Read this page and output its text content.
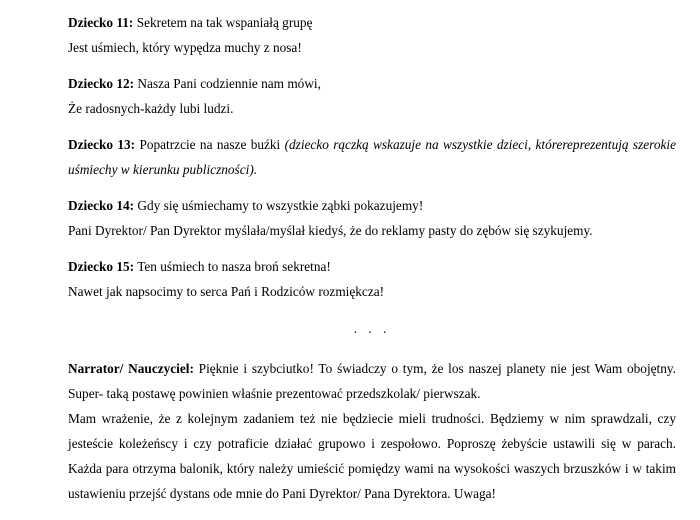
Dziecko 11: Sekretem na tak wspaniałą grupę
Jest uśmiech, który wypędza muchy z nosa!
Dziecko 12: Nasza Pani codziennie nam mówi,
Że radosnych-każdy lubi ludzi.
Dziecko 13: Popatrzcie na nasze buźki (dziecko rączką wskazuje na wszystkie dzieci, którereprezentują szerokie uśmiechy w kierunku publiczności).
Dziecko 14: Gdy się uśmiechamy to wszystkie ząbki pokazujemy!
Pani Dyrektor/ Pan Dyrektor myślała/myślał kiedyś, że do reklamy pasty do zębów się szykujemy.
Dziecko 15: Ten uśmiech to nasza broń sekretna!
Nawet jak napsocimy to serca Pań i Rodziców rozmiękcza!
. . .
Narrator/ Nauczyciel: Pięknie i szybciutko! To świadczy o tym, że los naszej planety nie jest Wam obojętny. Super- taką postawę powinien właśnie prezentować przedszkolak/ pierwszak.
Mam wrażenie, że z kolejnym zadaniem też nie będziecie mieli trudności. Będziemy w nim sprawdzali, czy jesteście koleżeńscy i czy potraficie działać grupowo i zespołowo. Poproszę żebyście ustawili się w parach. Każda para otrzyma balonik, który należy umieścić pomiędzy wami na wysokości waszych brzuszków i w takim ustawieniu przejść dystans ode mnie do Pani Dyrektor/ Pana Dyrektora. Uwaga!
